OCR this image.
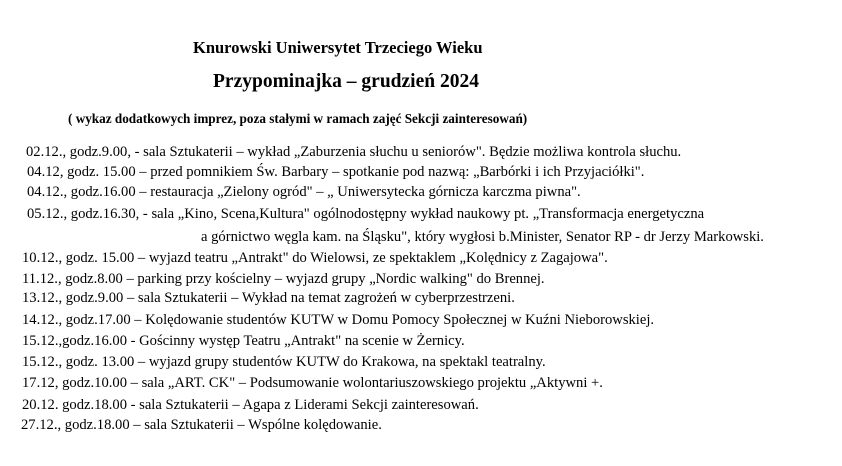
Knurowski Uniwersytet Trzeciego Wieku
Przypominajka – grudzień 2024
( wykaz dodatkowych imprez, poza stałymi w ramach zajęć Sekcji zainteresowań)
02.12., godz.9.00, - sala Sztukaterii – wykład „Zaburzenia słuchu u seniorów". Będzie możliwa kontrola słuchu.
04.12, godz. 15.00 – przed pomnikiem Św. Barbary – spotkanie pod nazwą: „Barbórki i ich Przyjaciółki".
04.12., godz.16.00 – restauracja „Zielony ogród" – „ Uniwersytecka górnicza karczma piwna".
05.12., godz.16.30, - sala „Kino, Scena,Kultura" ogólnodostępny wykład naukowy pt. „Transformacja energetyczna
a górnictwo węgla kam. na Śląsku", który wygłosi b.Minister, Senator RP - dr Jerzy Markowski.
10.12., godz. 15.00 – wyjazd teatru „Antrakt" do Wielowsi, ze spektaklem „Kolędnicy z Zagajowa".
11.12., godz.8.00 – parking przy kościelny – wyjazd grupy „Nordic walking" do Brennej.
13.12., godz.9.00 – sala Sztukaterii – Wykład na temat zagrożeń w cyberprzestrzeni.
14.12., godz.17.00 – Kolędowanie studentów KUTW w Domu Pomocy Społecznej w Kuźni Nieborowskiej.
15.12.,godz.16.00 - Gościnny występ Teatru „Antrakt" na scenie w Żernicy.
15.12., godz. 13.00 – wyjazd grupy studentów KUTW do Krakowa, na spektakl teatralny.
17.12, godz.10.00 – sala „ART. CK" – Podsumowanie wolontariuszowskiego projektu „Aktywni +.
20.12. godz.18.00 - sala Sztukaterii – Agapa z Liderami Sekcji zainteresowań.
27.12., godz.18.00 – sala Sztukaterii – Wspólne kolędowanie.
